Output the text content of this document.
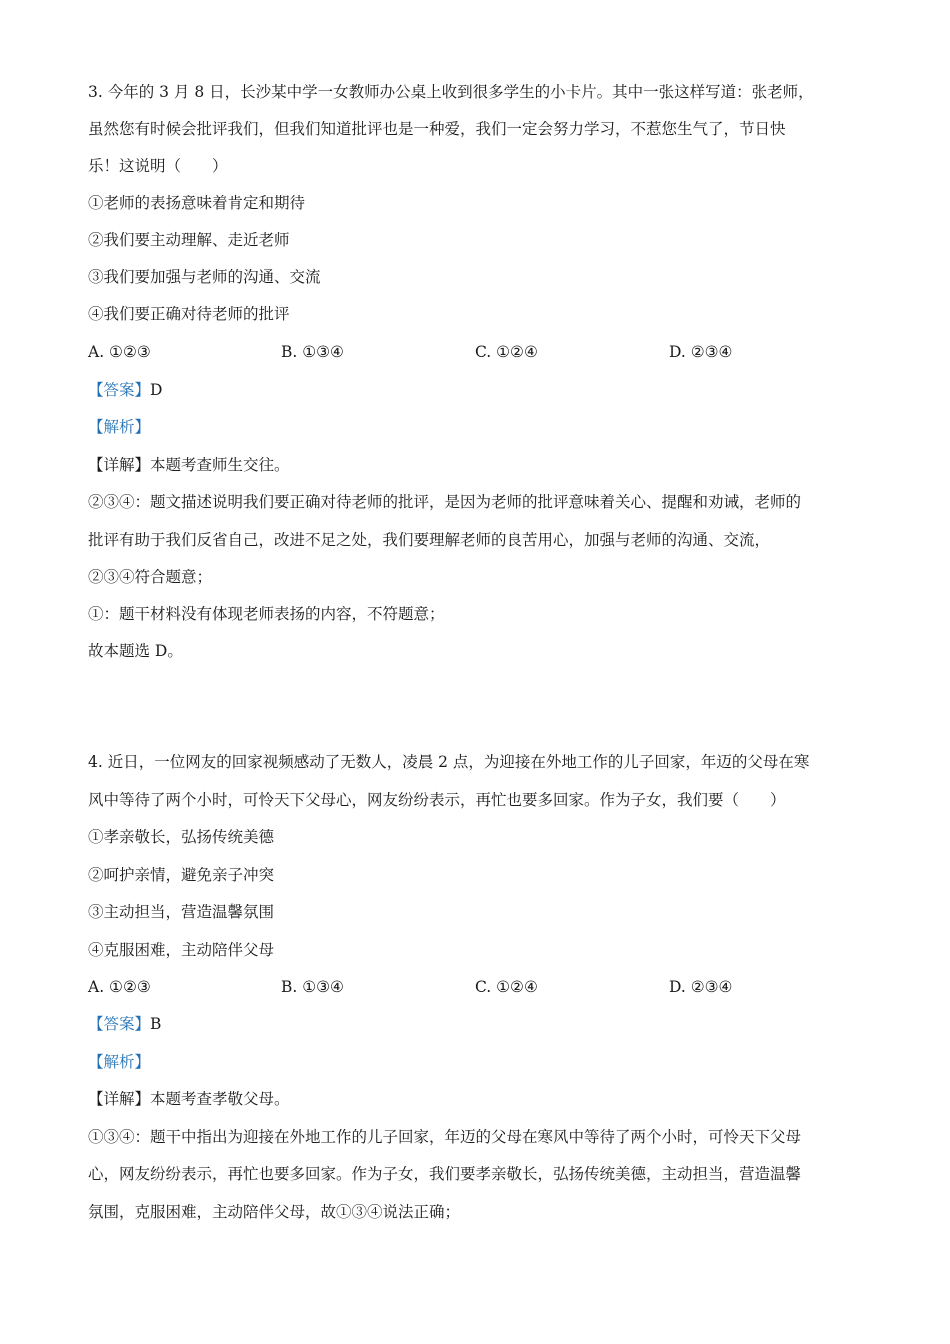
3. 今年的 3 月 8 日，长沙某中学一女教师办公桌上收到很多学生的小卡片。其中一张这样写道：张老师，
虽然您有时候会批评我们，但我们知道批评也是一种爱，我们一定会努力学习，不惹您生气了，节日快
乐！这说明（　　）
①老师的表扬意味着肯定和期待
②我们要主动理解、走近老师
③我们要加强与老师的沟通、交流
④我们要正确对待老师的批评
A. ①②③	B. ①③④	C. ①②④	D. ②③④
【答案】D
【解析】
【详解】本题考查师生交往。
②③④：题文描述说明我们要正确对待老师的批评，是因为老师的批评意味着关心、提醒和劝诫，老师的
批评有助于我们反省自己，改进不足之处，我们要理解老师的良苦用心，加强与老师的沟通、交流，
②③④符合题意；
①：题干材料没有体现老师表扬的内容，不符题意；
故本题选 D。
4. 近日，一位网友的回家视频感动了无数人，凌晨 2 点，为迎接在外地工作的儿子回家，年迈的父母在寒
风中等待了两个小时，可怜天下父母心，网友纷纷表示，再忙也要多回家。作为子女，我们要（　　）
①孝亲敬长，弘扬传统美德
②呵护亲情，避免亲子冲突
③主动担当，营造温馨氛围
④克服困难，主动陪伴父母
A. ①②③	B. ①③④	C. ①②④	D. ②③④
【答案】B
【解析】
【详解】本题考查孝敬父母。
①③④：题干中指出为迎接在外地工作的儿子回家，年迈的父母在寒风中等待了两个小时，可怜天下父母
心，网友纷纷表示，再忙也要多回家。作为子女，我们要孝亲敬长，弘扬传统美德，主动担当，营造温馨
氛围，克服困难，主动陪伴父母，故①③④说法正确；
